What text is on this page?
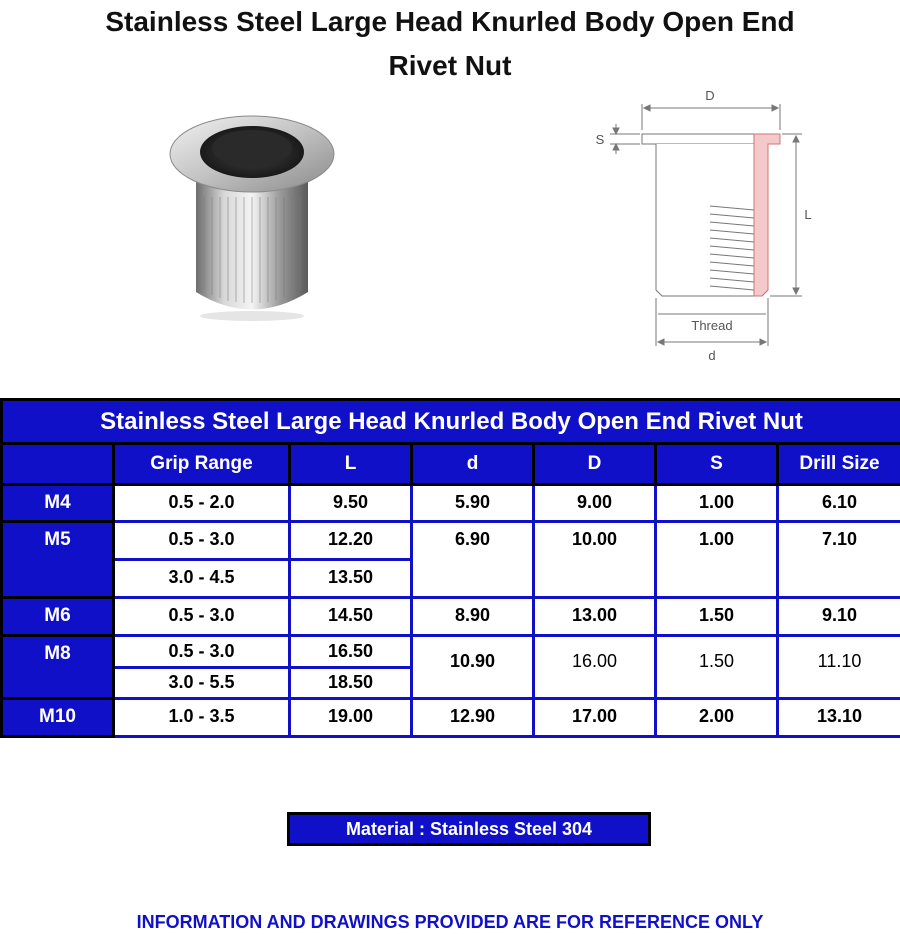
Stainless Steel Large Head Knurled Body Open End
Rivet Nut
D
S
L
Thread
d
Stainless Steel Large Head Knurled Body Open End Rivet Nut						
	Grip Range	L	d	D	S	Drill Size
M4	0.5 - 2.0	9.50	5.90	9.00	1.00	6.10
M5	0.5 - 3.0	12.20	6.90	10.00	1.00	7.10
	3.0 - 4.5	13.50				
M6	0.5 - 3.0	14.50	8.90	13.00	1.50	9.10
M8	0.5 - 3.0	16.50	10.90	16.00	1.50	11.10
	3.0 - 5.5	18.50				
M10	1.0 - 3.5	19.00	12.90	17.00	2.00	13.10
Material : Stainless Steel 304
INFORMATION AND DRAWINGS PROVIDED ARE FOR REFERENCE ONLY
